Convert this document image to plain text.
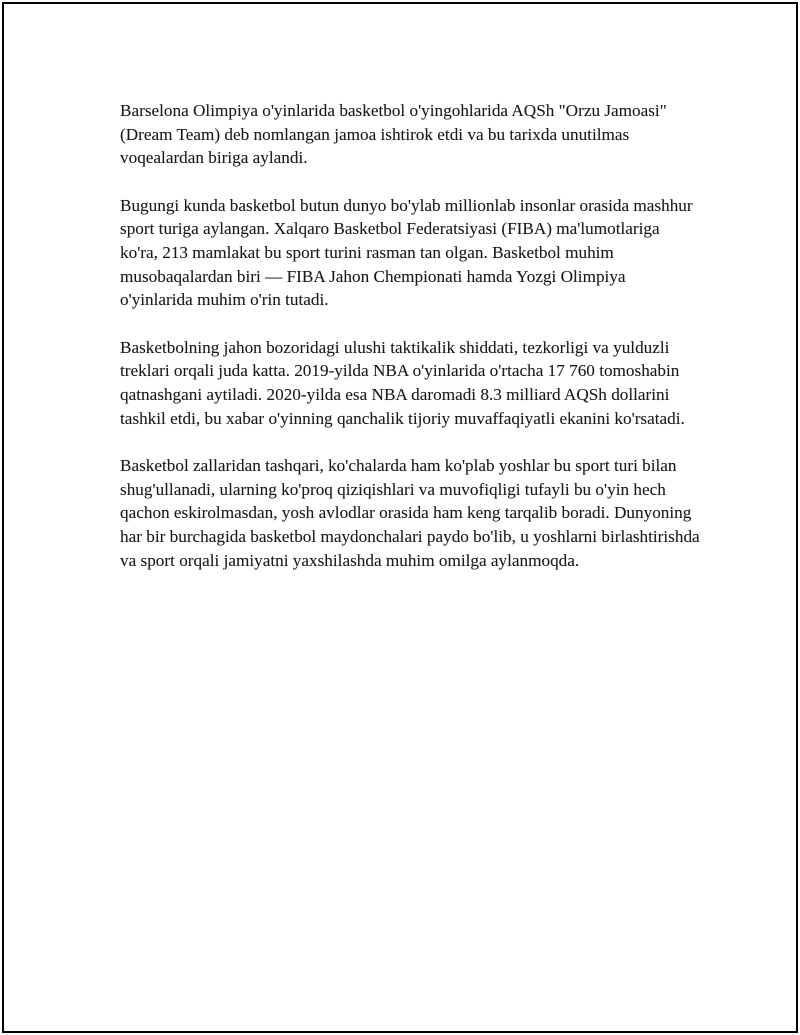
Barselona Olimpiya o'yinlarida basketbol o'yingohlarida AQSh "Orzu Jamoasi" (Dream Team) deb nomlangan jamoa ishtirok etdi va bu tarixda unutilmas voqealardan biriga aylandi.

Bugungi kunda basketbol butun dunyo bo'ylab millionlab insonlar orasida mashhur sport turiga aylangan. Xalqaro Basketbol Federatsiyasi (FIBA) ma'lumotlariga ko'ra, 213 mamlakat bu sport turini rasman tan olgan. Basketbol muhim musobaqalardan biri — FIBA Jahon Chempionati hamda Yozgi Olimpiya o'yinlarida muhim o'rin tutadi.

Basketbolning jahon bozoridagi ulushi taktikalik shiddati, tezkorligi va yulduzli treklari orqali juda katta. 2019-yilda NBA o'yinlarida o'rtacha 17 760 tomoshabin qatnashgani aytiladi. 2020-yilda esa NBA daromadi 8.3 milliard AQSh dollarini tashkil etdi, bu xabar o'yinning qanchalik tijoriy muvaffaqiyatli ekanini ko'rsatadi.

Basketbol zallaridan tashqari, ko'chalarda ham ko'plab yoshlar bu sport turi bilan shug'ullanadi, ularning ko'proq qiziqishlari va muvofiqligi tufayli bu o'yin hech qachon eskirolmasdan, yosh avlodlar orasida ham keng tarqalib boradi. Dunyoning har bir burchagida basketbol maydonchalari paydo bo'lib, u yoshlarni birlashtirishda va sport orqali jamiyatni yaxshilashda muhim omilga aylanmoqda.
